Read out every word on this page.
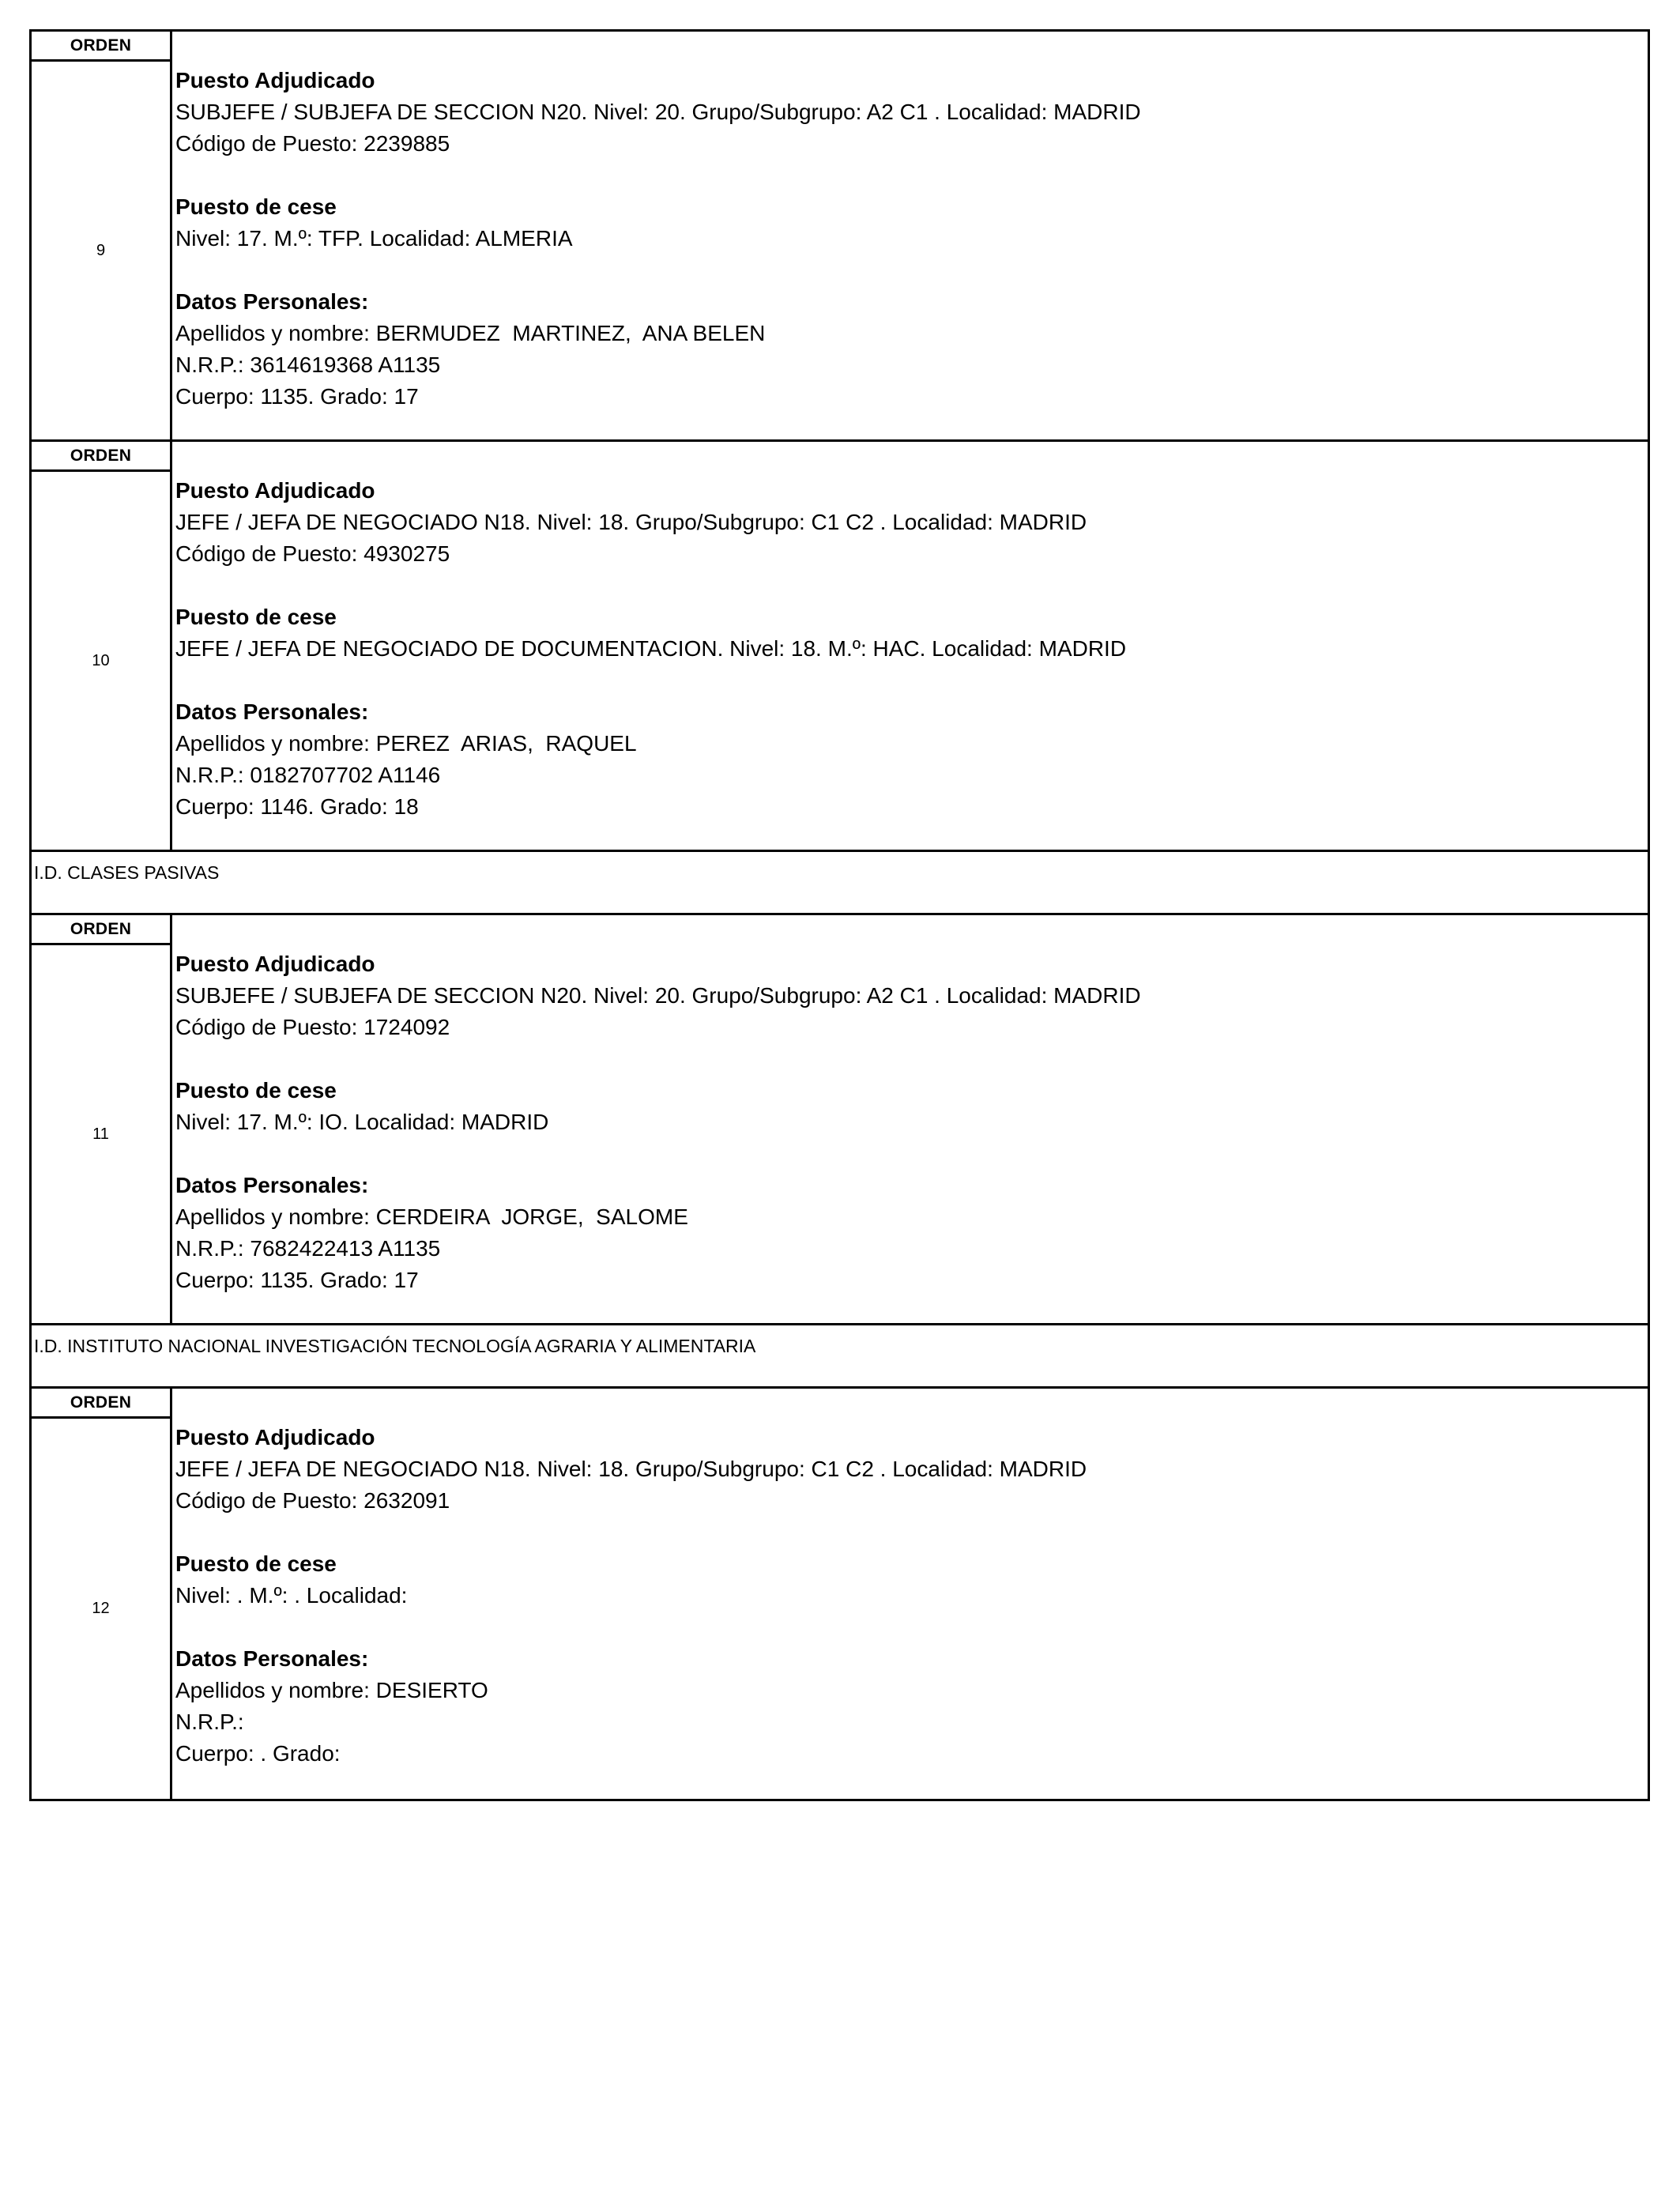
ORDEN
9
Puesto Adjudicado
SUBJEFE / SUBJEFA DE SECCION N20. Nivel: 20. Grupo/Subgrupo: A2 C1 . Localidad: MADRID
Código de Puesto: 2239885
Puesto de cese
Nivel: 17. M.º: TFP. Localidad: ALMERIA
Datos Personales:
Apellidos y nombre: BERMUDEZ  MARTINEZ,  ANA BELEN
N.R.P.: 3614619368 A1135
Cuerpo: 1135. Grado: 17
ORDEN
10
Puesto Adjudicado
JEFE / JEFA DE NEGOCIADO N18. Nivel: 18. Grupo/Subgrupo: C1 C2 . Localidad: MADRID
Código de Puesto: 4930275
Puesto de cese
JEFE / JEFA DE NEGOCIADO DE DOCUMENTACION. Nivel: 18. M.º: HAC. Localidad: MADRID
Datos Personales:
Apellidos y nombre: PEREZ  ARIAS,  RAQUEL
N.R.P.: 0182707702 A1146
Cuerpo: 1146. Grado: 18
I.D. CLASES PASIVAS
ORDEN
11
Puesto Adjudicado
SUBJEFE / SUBJEFA DE SECCION N20. Nivel: 20. Grupo/Subgrupo: A2 C1 . Localidad: MADRID
Código de Puesto: 1724092
Puesto de cese
Nivel: 17. M.º: IO. Localidad: MADRID
Datos Personales:
Apellidos y nombre: CERDEIRA  JORGE,  SALOME
N.R.P.: 7682422413 A1135
Cuerpo: 1135. Grado: 17
I.D. INSTITUTO NACIONAL INVESTIGACIÓN TECNOLOGÍA AGRARIA Y ALIMENTARIA
ORDEN
12
Puesto Adjudicado
JEFE / JEFA DE NEGOCIADO N18. Nivel: 18. Grupo/Subgrupo: C1 C2 . Localidad: MADRID
Código de Puesto: 2632091
Puesto de cese
Nivel: . M.º: . Localidad:
Datos Personales:
Apellidos y nombre: DESIERTO
N.R.P.:
Cuerpo: . Grado:
